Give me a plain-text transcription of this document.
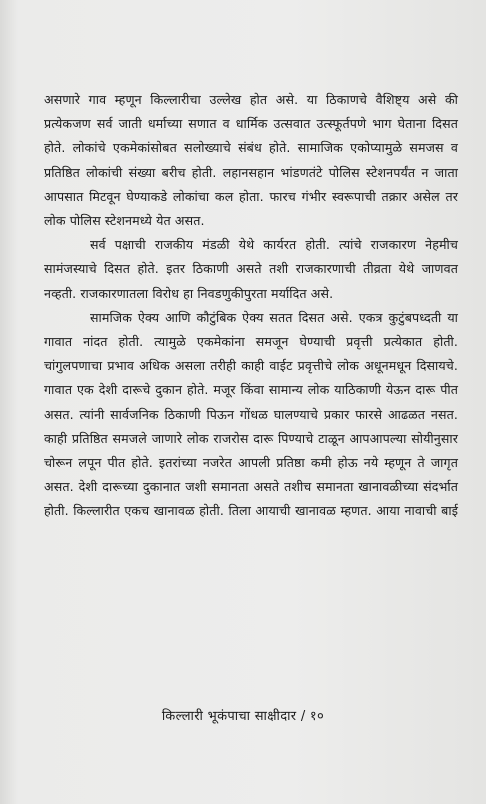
असणारे गाव म्हणून किल्लारीचा उल्लेख होत असे. या ठिकाणचे वैशिष्ट्य असे की प्रत्येकजण सर्व जाती धर्माच्या सणात व धार्मिक उत्सवात उत्स्फूर्तपणे भाग घेताना दिसत होते. लोकांचे एकमेकांसोबत सलोख्याचे संबंध होते. सामाजिक एकोप्यामुळे समजस व प्रतिष्ठित लोकांची संख्या बरीच होती. लहानसहान भांडणतंटे पोलिस स्टेशनपर्यंत न जाता आपसात मिटवून घेण्याकडे लोकांचा कल होता. फारच गंभीर स्वरूपाची तक्रार असेल तर लोक पोलिस स्टेशनमध्ये येत असत.

सर्व पक्षाची राजकीय मंडळी येथे कार्यरत होती. त्यांचे राजकारण नेहमीच सामंजस्याचे दिसत होते. इतर ठिकाणी असते तशी राजकारणाची तीव्रता येथे जाणवत नव्हती. राजकारणातला विरोध हा निवडणुकीपुरता मर्यादित असे.

सामजिक ऐक्य आणि कौटुंबिक ऐक्य सतत दिसत असे. एकत्र कुटुंबपध्दती या गावात नांदत होती. त्यामुळे एकमेकांना समजून घेण्याची प्रवृत्ती प्रत्येकात होती. चांगुलपणाचा प्रभाव अधिक असला तरीही काही वाईट प्रवृत्तीचे लोक अधूनमधून दिसायचे. गावात एक देशी दारूचे दुकान होते. मजूर किंवा सामान्य लोक याठिकाणी येऊन दारू पीत असत. त्यांनी सार्वजनिक ठिकाणी पिऊन गोंधळ घालण्याचे प्रकार फारसे आढळत नसत. काही प्रतिष्ठित समजले जाणारे लोक राजरोस दारू पिण्याचे टाळून आपआपल्या सोयीनुसार चोरून लपून पीत होते. इतरांच्या नजरेत आपली प्रतिष्ठा कमी होऊ नये म्हणून ते जागृत असत. देशी दारूच्या दुकानात जशी समानता असते तशीच समानता खानावळीच्या संदर्भात होती. किल्लारीत एकच खानावळ होती. तिला आयाची खानावळ म्हणत. आया नावाची बाई

किल्लारी भूकंपाचा साक्षीदार / १०
